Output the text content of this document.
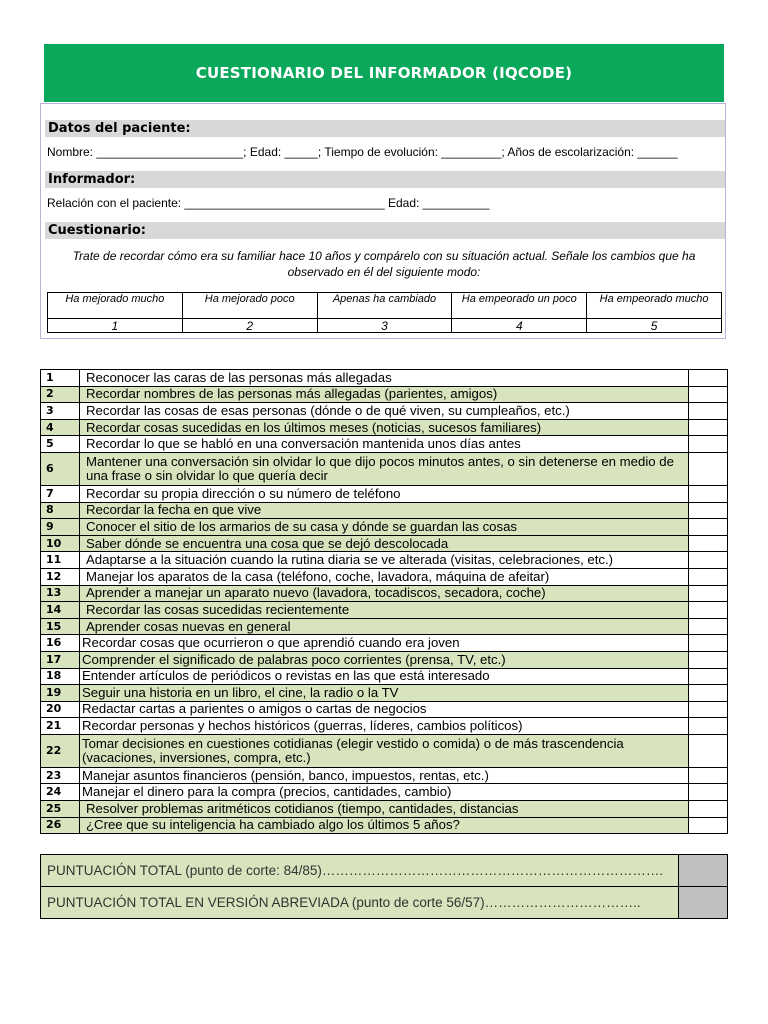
CUESTIONARIO DEL INFORMADOR (IQCODE)
Datos del paciente:
Nombre: ______________________; Edad: _____; Tiempo de evolución: _________; Años de escolarización: ______
Informador:
Relación con el paciente: ______________________________ Edad: __________
Cuestionario:
Trate de recordar cómo era su familiar hace 10 años y compárelo con su situación actual. Señale los cambios que ha observado en él del siguiente modo:
Ha mejorado mucho	Ha mejorado poco	Apenas ha cambiado	Ha empeorado un poco	Ha empeorado mucho
1	2	3	4	5
1	Reconocer las caras de las personas más allegadas	
2	Recordar nombres de las personas más allegadas (parientes, amigos)	
3	Recordar las cosas de esas personas (dónde o de qué viven, su cumpleaños, etc.)	
4	Recordar cosas sucedidas en los últimos meses (noticias, sucesos familiares)	
5	Recordar lo que se habló en una conversación mantenida unos días antes	
6	Mantener una conversación sin olvidar lo que dijo pocos minutos antes, o sin detenerse en medio de una frase o sin olvidar lo que quería decir	
7	Recordar su propia dirección o su número de teléfono	
8	Recordar la fecha en que vive	
9	Conocer el sitio de los armarios de su casa y dónde se guardan las cosas	
10	Saber dónde se encuentra una cosa que se dejó descolocada	
11	Adaptarse a la situación cuando la rutina diaria se ve alterada (visitas, celebraciones, etc.)	
12	Manejar los aparatos de la casa (teléfono, coche, lavadora, máquina de afeitar)	
13	Aprender a manejar un aparato nuevo (lavadora, tocadiscos, secadora, coche)	
14	Recordar las cosas sucedidas recientemente	
15	Aprender cosas nuevas en general	
16	Recordar cosas que ocurrieron o que aprendió cuando era joven	
17	Comprender el significado de palabras poco corrientes (prensa, TV, etc.)	
18	Entender artículos de periódicos o revistas en las que está interesado	
19	Seguir una historia en un libro, el cine, la radio o la TV	
20	Redactar cartas a parientes o amigos o cartas de negocios	
21	Recordar personas y hechos históricos (guerras, líderes, cambios políticos)	
22	Tomar decisiones en cuestiones cotidianas (elegir vestido o comida) o de más trascendencia (vacaciones, inversiones, compra, etc.)	
23	Manejar asuntos financieros (pensión, banco, impuestos, rentas, etc.)	
24	Manejar el dinero para la compra (precios, cantidades, cambio)	
25	Resolver problemas aritméticos cotidianos (tiempo, cantidades, distancias	
26	¿Cree que su inteligencia ha cambiado algo los últimos 5 años?	
PUNTUACIÓN TOTAL (punto de corte: 84/85)………………………………………………………………….	
PUNTUACIÓN TOTAL EN VERSIÓN ABREVIADA (punto de corte 56/57)……………………………..	
